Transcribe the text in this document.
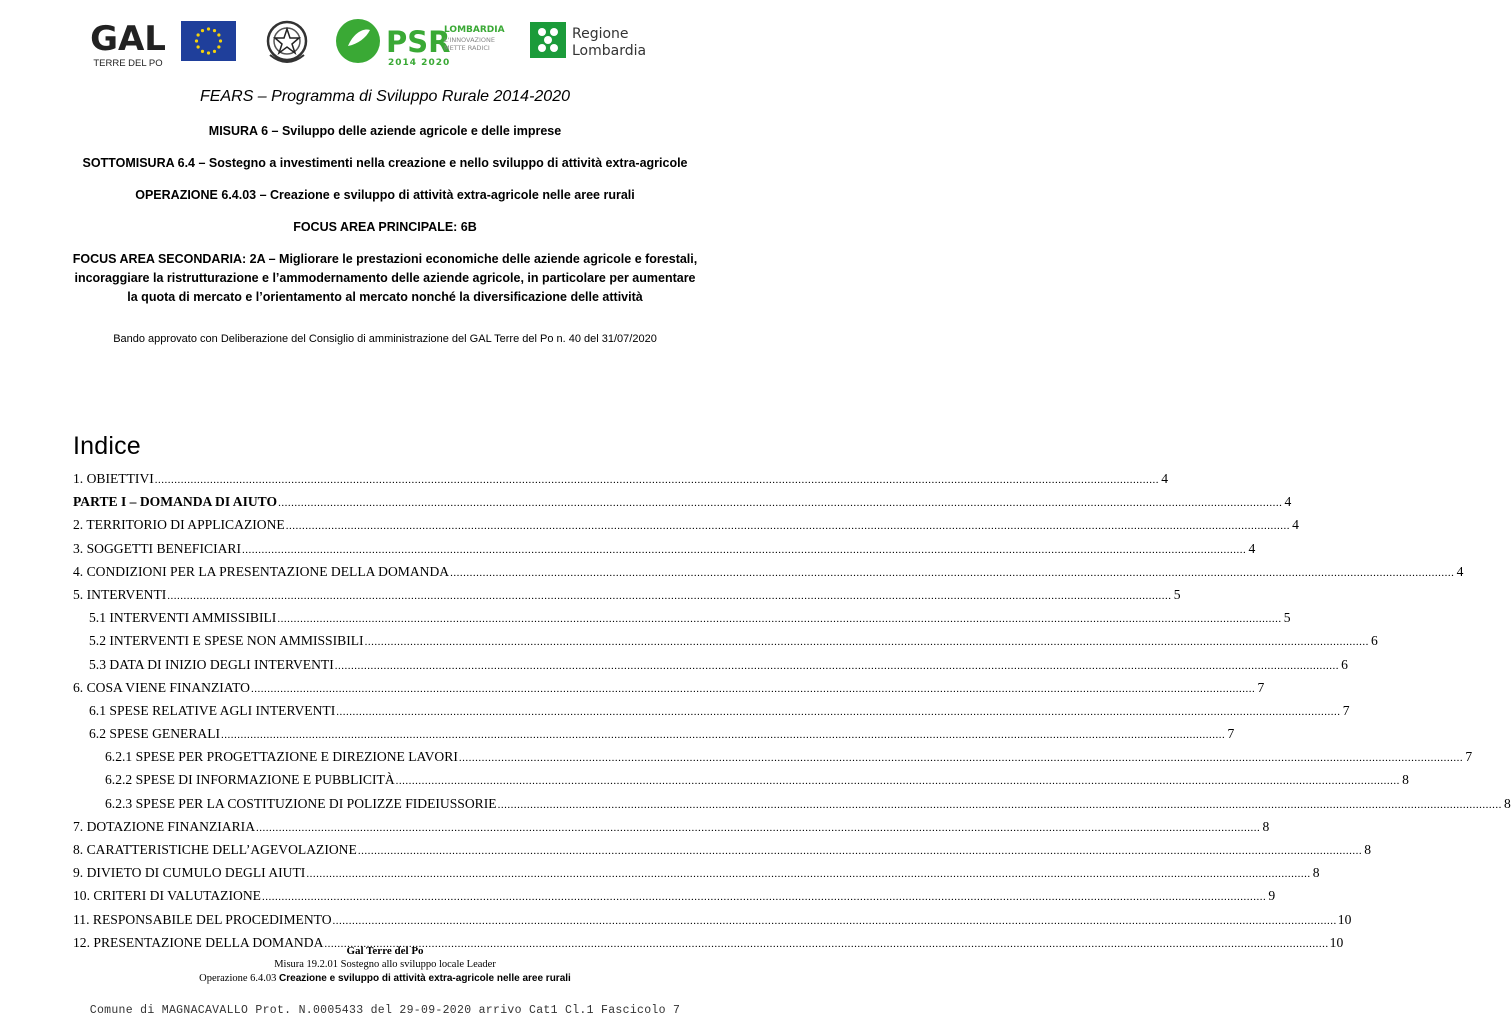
GAL
TERRE DEL PO
PSR
LOMBARDIA
L'INNOVAZIONE
METTE RADICI
2014 2020
Regione
Lombardia

FEARS – Programma di Sviluppo Rurale 2014-2020

MISURA 6 – Sviluppo delle aziende agricole e delle imprese

SOTTOMISURA 6.4 – Sostegno a investimenti nella creazione e nello sviluppo di attività extra-agricole

OPERAZIONE 6.4.03 – Creazione e sviluppo di attività extra-agricole nelle aree rurali

FOCUS AREA PRINCIPALE: 6B

FOCUS AREA SECONDARIA: 2A – Migliorare le prestazioni economiche delle aziende agricole e forestali, incoraggiare la ristrutturazione e l’ammodernamento delle aziende agricole, in particolare per aumentare la quota di mercato e l’orientamento al mercato nonché la diversificazione delle attività

Bando approvato con Deliberazione del Consiglio di amministrazione del GAL Terre del Po n. 40 del 31/07/2020

Indice
1. OBIETTIVI .....	4
PARTE I – DOMANDA DI AIUTO .....	4
2. TERRITORIO DI APPLICAZIONE .....	4
3. SOGGETTI BENEFICIARI .....	4
4. CONDIZIONI PER LA PRESENTAZIONE DELLA DOMANDA .....	4
5. INTERVENTI .....	5
5.1 INTERVENTI AMMISSIBILI .....	5
5.2 INTERVENTI E SPESE NON AMMISSIBILI .....	6
5.3 DATA DI INIZIO DEGLI INTERVENTI .....	6
6. COSA VIENE FINANZIATO .....	7
6.1 SPESE RELATIVE AGLI INTERVENTI .....	7
6.2 SPESE GENERALI .....	7
6.2.1 SPESE PER PROGETTAZIONE E DIREZIONE LAVORI .....	7
6.2.2 SPESE DI INFORMAZIONE E PUBBLICITÀ .....	8
6.2.3 SPESE PER LA COSTITUZIONE DI POLIZZE FIDEIUSSORIE .....	8
7. DOTAZIONE FINANZIARIA .....	8
8. CARATTERISTICHE DELL’AGEVOLAZIONE .....	8
9. DIVIETO DI CUMULO DEGLI AIUTI .....	8
10. CRITERI DI VALUTAZIONE .....	9
11. RESPONSABILE DEL PROCEDIMENTO .....	10
12. PRESENTAZIONE DELLA DOMANDA .....	10
Gal Terre del Po
Misura 19.2.01 Sostegno allo sviluppo locale Leader
Operazione 6.4.03 Creazione e sviluppo di attività extra-agricole nelle aree rurali
Comune di MAGNACAVALLO Prot. N.0005433 del 29-09-2020 arrivo Cat1 Cl.1 Fascicolo 7
